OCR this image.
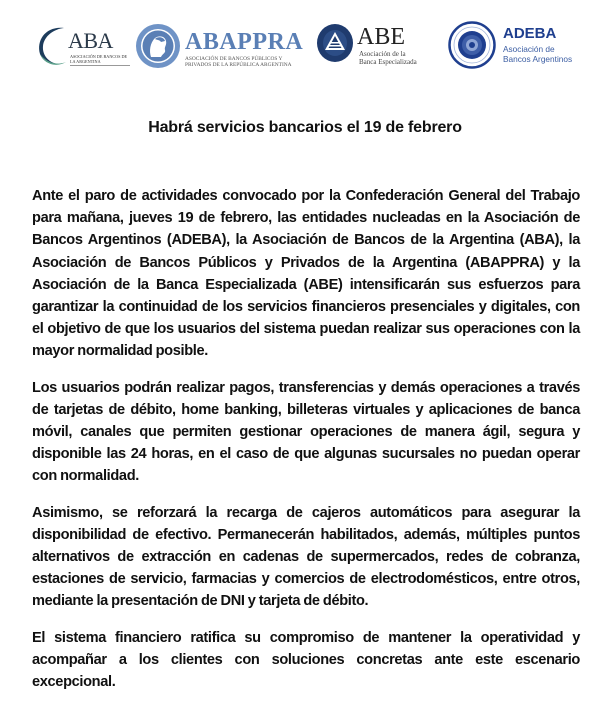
ABA
ASOCIACIÓN DE BANCOS DE LA ARGENTINA
ABAPPRA
ASOCIACIÓN DE BANCOS PÚBLICOS Y
PRIVADOS DE LA REPÚBLICA ARGENTINA
ABE
Asociación de la
Banca Especializada
ADEBA
Asociación de
Bancos Argentinos
Habrá servicios bancarios el 19 de febrero

Ante el paro de actividades convocado por la Confederación General del Trabajo para mañana, jueves 19 de febrero, las entidades nucleadas en la Asociación de Bancos Argentinos (ADEBA), la Asociación de Bancos de la Argentina (ABA), la Asociación de Bancos Públicos y Privados de la Argentina (ABAPPRA) y la Asociación de la Banca Especializada (ABE) intensificarán sus esfuerzos para garantizar la continuidad de los servicios financieros presenciales y digitales, con el objetivo de que los usuarios del sistema puedan realizar sus operaciones con la mayor normalidad posible.

Los usuarios podrán realizar pagos, transferencias y demás operaciones a través de tarjetas de débito, home banking, billeteras virtuales y aplicaciones de banca móvil, canales que permiten gestionar operaciones de manera ágil, segura y disponible las 24 horas, en el caso de que algunas sucursales no puedan operar con normalidad.

Asimismo, se reforzará la recarga de cajeros automáticos para asegurar la disponibilidad de efectivo. Permanecerán habilitados, además, múltiples puntos alternativos de extracción en cadenas de supermercados, redes de cobranza, estaciones de servicio, farmacias y comercios de electrodomésticos, entre otros, mediante la presentación de DNI y tarjeta de débito.

El sistema financiero ratifica su compromiso de mantener la operatividad y acompañar a los clientes con soluciones concretas ante este escenario excepcional.
